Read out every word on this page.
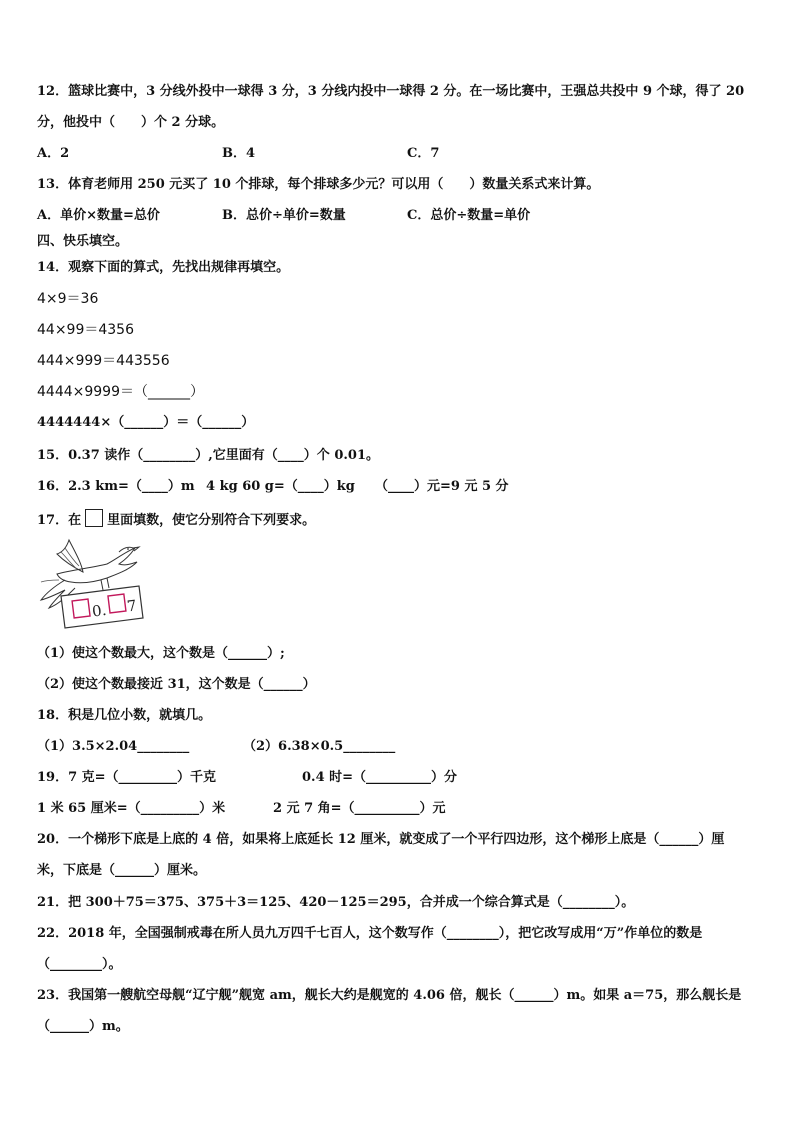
12．篮球比赛中，3 分线外投中一球得 3 分，3 分线内投中一球得 2 分。在一场比赛中，王强总共投中 9 个球，得了 20
分，他投中（　　）个 2 分球。
A．2	B．4	C．7
13．体育老师用 250 元买了 10 个排球，每个排球多少元？可以用（　　）数量关系式来计算。
A．单价×数量=总价	B．总价÷单价=数量	C．总价÷数量=单价
四、快乐填空。
14．观察下面的算式，先找出规律再填空。
4×9＝36
44×99＝4356
444×999＝443556
4444×9999＝（______）
4444444×（______）＝（______）
15．0.37 读作（________）,它里面有（____）个 0.01。
16．2.3 km=（____）m 4 kg 60 g=（____）kg （____）元=9 元 5 分
17．在 里面填数，使它分别符合下列要求。
0. 7
（1）使这个数最大，这个数是（______）;
（2）使这个数最接近 31，这个数是（______）
18．积是几位小数，就填几。
（1）3.5×2.04________	（2）6.38×0.5________
19．7 克=（_________）千克	0.4 时=（__________）分
1 米 65 厘米=（_________）米	2 元 7 角=（__________）元
20．一个梯形下底是上底的 4 倍，如果将上底延长 12 厘米，就变成了一个平行四边形，这个梯形上底是（______）厘
米，下底是（______）厘米。
21．把 300＋75＝375、375＋3＝125、420－125＝295，合并成一个综合算式是（________）。
22．2018 年，全国强制戒毒在所人员九万四千七百人，这个数写作（________），把它改写成用“万”作单位的数是
（________）。
23．我国第一艘航空母舰“辽宁舰”舰宽 am，舰长大约是舰宽的 4.06 倍，舰长（______）m。如果 a＝75，那么舰长是
（______）m。
